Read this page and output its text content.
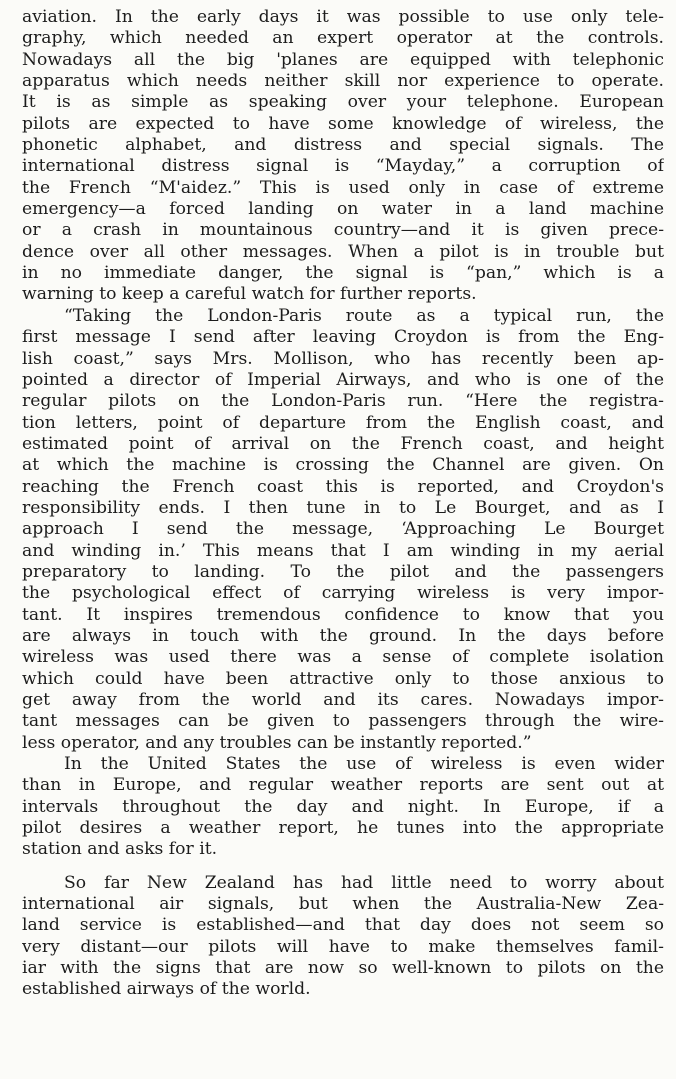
aviation. In the early days it was possible to use only tele-
graphy, which needed an expert operator at the controls.
Nowadays all the big 'planes are equipped with telephonic
apparatus which needs neither skill nor experience to operate.
It is as simple as speaking over your telephone. European
pilots are expected to have some knowledge of wireless, the
phonetic alphabet, and distress and special signals. The
international distress signal is “Mayday,” a corruption of
the French “M'aidez.” This is used only in case of extreme
emergency—a forced landing on water in a land machine
or a crash in mountainous country—and it is given prece-
dence over all other messages. When a pilot is in trouble but
in no immediate danger, the signal is “pan,” which is a
warning to keep a careful watch for further reports.
“Taking the London-Paris route as a typical run, the
first message I send after leaving Croydon is from the Eng-
lish coast,” says Mrs. Mollison, who has recently been ap-
pointed a director of Imperial Airways, and who is one of the
regular pilots on the London-Paris run. “Here the registra-
tion letters, point of departure from the English coast, and
estimated point of arrival on the French coast, and height
at which the machine is crossing the Channel are given. On
reaching the French coast this is reported, and Croydon's
responsibility ends. I then tune in to Le Bourget, and as I
approach I send the message, ‘Approaching Le Bourget
and winding in.’ This means that I am winding in my aerial
preparatory to landing. To the pilot and the passengers
the psychological effect of carrying wireless is very impor-
tant. It inspires tremendous confidence to know that you
are always in touch with the ground. In the days before
wireless was used there was a sense of complete isolation
which could have been attractive only to those anxious to
get away from the world and its cares. Nowadays impor-
tant messages can be given to passengers through the wire-
less operator, and any troubles can be instantly reported.”
In the United States the use of wireless is even wider
than in Europe, and regular weather reports are sent out at
intervals throughout the day and night. In Europe, if a
pilot desires a weather report, he tunes into the appropriate
station and asks for it.
So far New Zealand has had little need to worry about
international air signals, but when the Australia-New Zea-
land service is established—and that day does not seem so
very distant—our pilots will have to make themselves famil-
iar with the signs that are now so well-known to pilots on the
established airways of the world.
